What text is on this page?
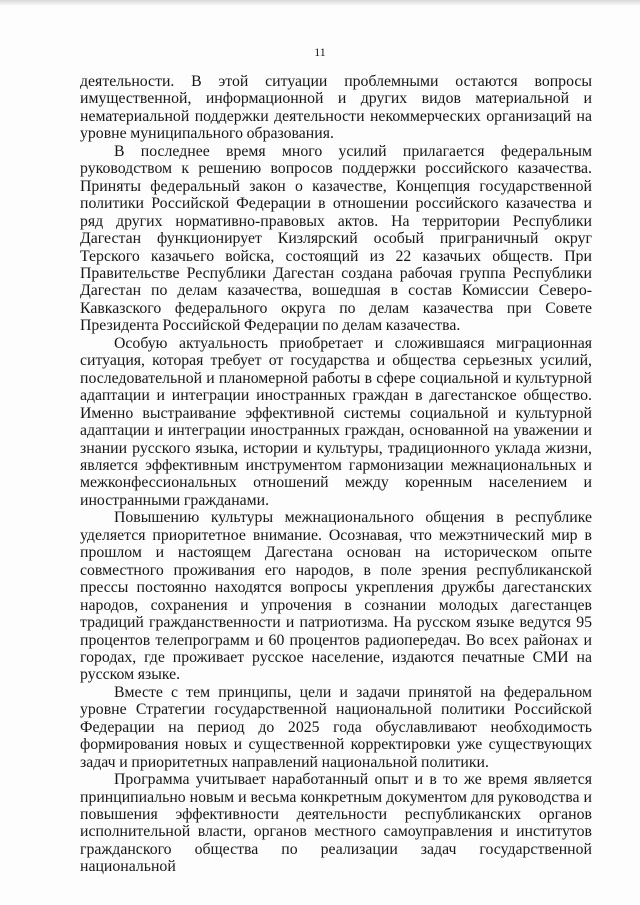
11

деятельности. В этой ситуации проблемными остаются вопросы имущественной, информационной и других видов материальной и нематериальной поддержки деятельности некоммерческих организаций на уровне муниципального образования.

В последнее время много усилий прилагается федеральным руководством к решению вопросов поддержки российского казачества. Приняты федеральный закон о казачестве, Концепция государственной политики Российской Федерации в отношении российского казачества и ряд других нормативно-правовых актов. На территории Республики Дагестан функционирует Кизлярский особый пригpаничный округ Терского казачьего войска, состоящий из 22 казачьих обществ. При Правительстве Республики Дагестан создана рабочая группа Республики Дагестан по делам казачества, вошедшая в состав Комиссии Северо-Кавказского федерального округа по делам казачества при Совете Президента Российской Федерации по делам казачества.

Особую актуальность приобретает и сложившаяся миграционная ситуация, которая требует от государства и общества серьезных усилий, последовательной и планомерной работы в сфере социальной и культурной адаптации и интеграции иностранных граждан в дагестанское общество. Именно выстраивание эффективной системы социальной и культурной адаптации и интеграции иностранных граждан, основанной на уважении и знании русского языка, истории и культуры, традиционного уклада жизни, является эффективным инструментом гармонизации межнациональных и межконфессиональных отношений между коренным населением и иностранными гражданами.

Повышению культуры межнационального общения в республике уделяется приоритетное внимание. Осознавая, что межэтнический мир в прошлом и настоящем Дагестана основан на историческом опыте совместного проживания его народов, в поле зрения республиканской прессы постоянно находятся вопросы укрепления дружбы дагестанских народов, сохранения и упрочения в сознании молодых дагестанцев традиций гражданственности и патриотизма. На русском языке ведутся 95 процентов телепрограмм и 60 процентов радиопередач. Во всех районах и городах, где проживает русское население, издаются печатные СМИ на русском языке.

Вместе с тем принципы, цели и задачи принятой на федеральном уровне Стратегии государственной национальной политики Российской Федерации на период до 2025 года обуславливают необходимость формирования новых и существенной корректировки уже существующих задач и приоритетных направлений национальной политики.

Программа учитывает наработанный опыт и в то же время является принципиально новым и весьма конкретным документом для руководства и повышения эффективности деятельности республиканских органов исполнительной власти, органов местного самоуправления и институтов гражданского общества по реализации задач государственной национальной
